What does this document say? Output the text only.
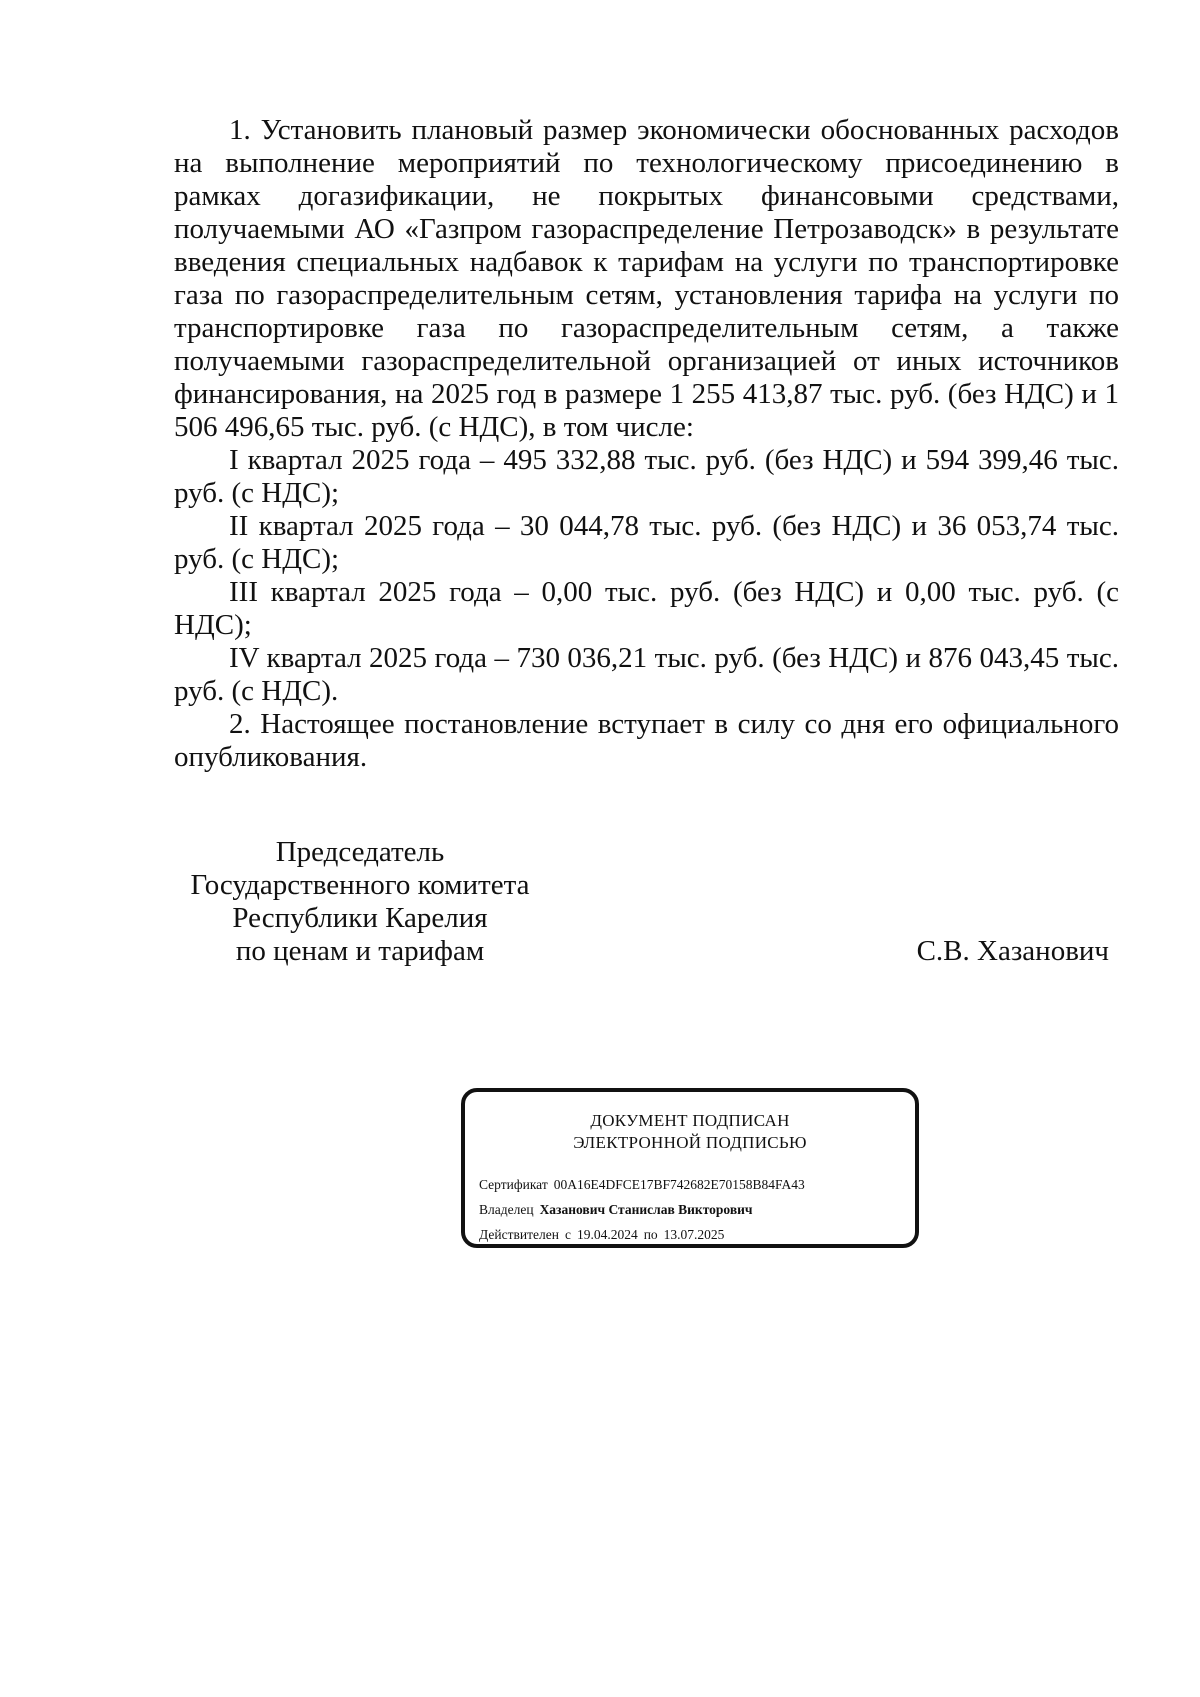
1. Установить плановый размер экономически обоснованных расходов на выполнение мероприятий по технологическому присоединению в рамках догазификации, не покрытых финансовыми средствами, получаемыми АО «Газпром газораспределение Петрозаводск» в результате введения специальных надбавок к тарифам на услуги по транспортировке газа по газораспределительным сетям, установления тарифа на услуги по транспортировке газа по газораспределительным сетям, а также получаемыми газораспределительной организацией от иных источников финансирования, на 2025 год в размере 1 255 413,87 тыс. руб. (без НДС) и 1 506 496,65 тыс. руб. (с НДС), в том числе:

I квартал 2025 года – 495 332,88 тыс. руб. (без НДС) и 594 399,46 тыс. руб. (с НДС);

II квартал 2025 года – 30 044,78 тыс. руб. (без НДС) и 36 053,74 тыс. руб. (с НДС);

III квартал 2025 года – 0,00 тыс. руб. (без НДС) и 0,00 тыс. руб. (с НДС);

IV квартал 2025 года – 730 036,21 тыс. руб. (без НДС) и 876 043,45 тыс. руб. (с НДС).

2. Настоящее постановление вступает в силу со дня его официального опубликования.

Председатель
Государственного комитета
Республики Карелия
по ценам и тарифам	С.В. Хазанович
ДОКУМЕНТ ПОДПИСАН
ЭЛЕКТРОННОЙ ПОДПИСЬЮ
Сертификат 00A16E4DFCE17BF742682E70158B84FA43
Владелец Хазанович Станислав Викторович
Действителен с 19.04.2024 по 13.07.2025
